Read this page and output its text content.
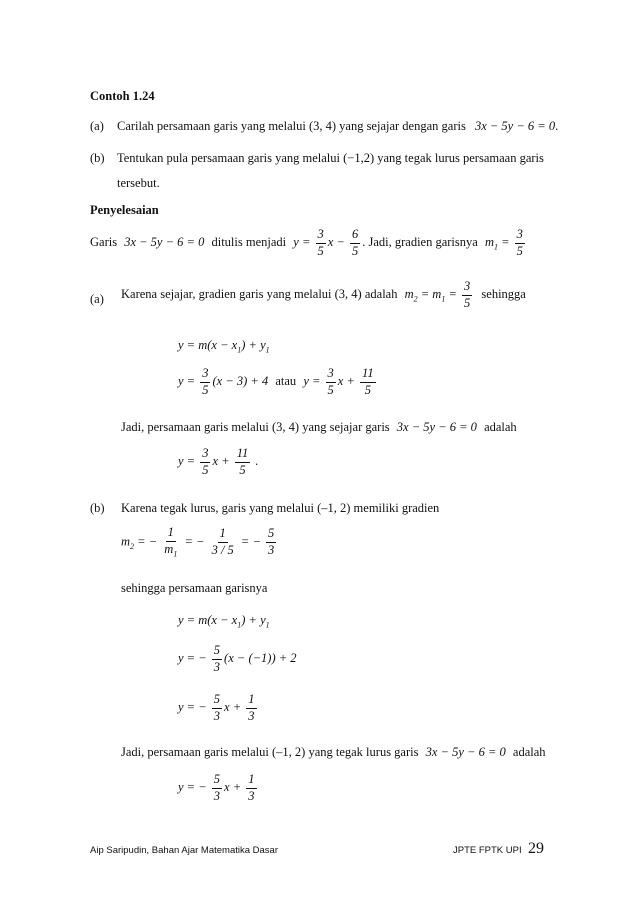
Contoh 1.24
(a) Carilah persamaan garis yang melalui (3, 4) yang sejajar dengan garis 3x − 5y − 6 = 0.
(b) Tentukan pula persamaan garis yang melalui (−1,2) yang tegak lurus persamaan garis
tersebut.
Penyelesaian
Garis 3x − 5y − 6 = 0 ditulis menjadi $y = \frac{3}{5}$ $x - \frac{6}{5}$ . Jadi, gradien garisnya $m_1 = \frac{3}{5}$
(a) Karena sejajar, gradien garis yang melalui (3, 4) adalah $m_2 = m_1 = \frac{3}{5}$ sehingga
$y = m(x - x_1) + y_1$
$y = \frac{3}{5} (x - 3) + 4$ atau $y = \frac{3}{5}$ $x + \frac{11}{5}$
Jadi, persamaan garis melalui (3, 4) yang sejajar garis 3x − 5y − 6 = 0 adalah
$y = \frac{3}{5}$ $x + \frac{11}{5}$ .
(b) Karena tegak lurus, garis yang melalui (–1, 2) memiliki gradien
$m_2$ = − $\frac{1}{m_1}$ = − $\frac{1}{3 / 5}$ = − $\frac{5}{3}$
sehingga persamaan garisnya
$y = m(x - x_1) + y_1$
y = − $\frac{5}{3} (x - (-1)) + 2$
y = − $\frac{5}{3}$ $x + \frac{1}{3}$
Jadi, persamaan garis melalui (–1, 2) yang tegak lurus garis 3x − 5y − 6 = 0 adalah
y = − $\frac{5}{3}$ $x + \frac{1}{3}$
Aip Saripudin, Bahan Ajar Matematika Dasar	JPTE FPTK UPI 29
